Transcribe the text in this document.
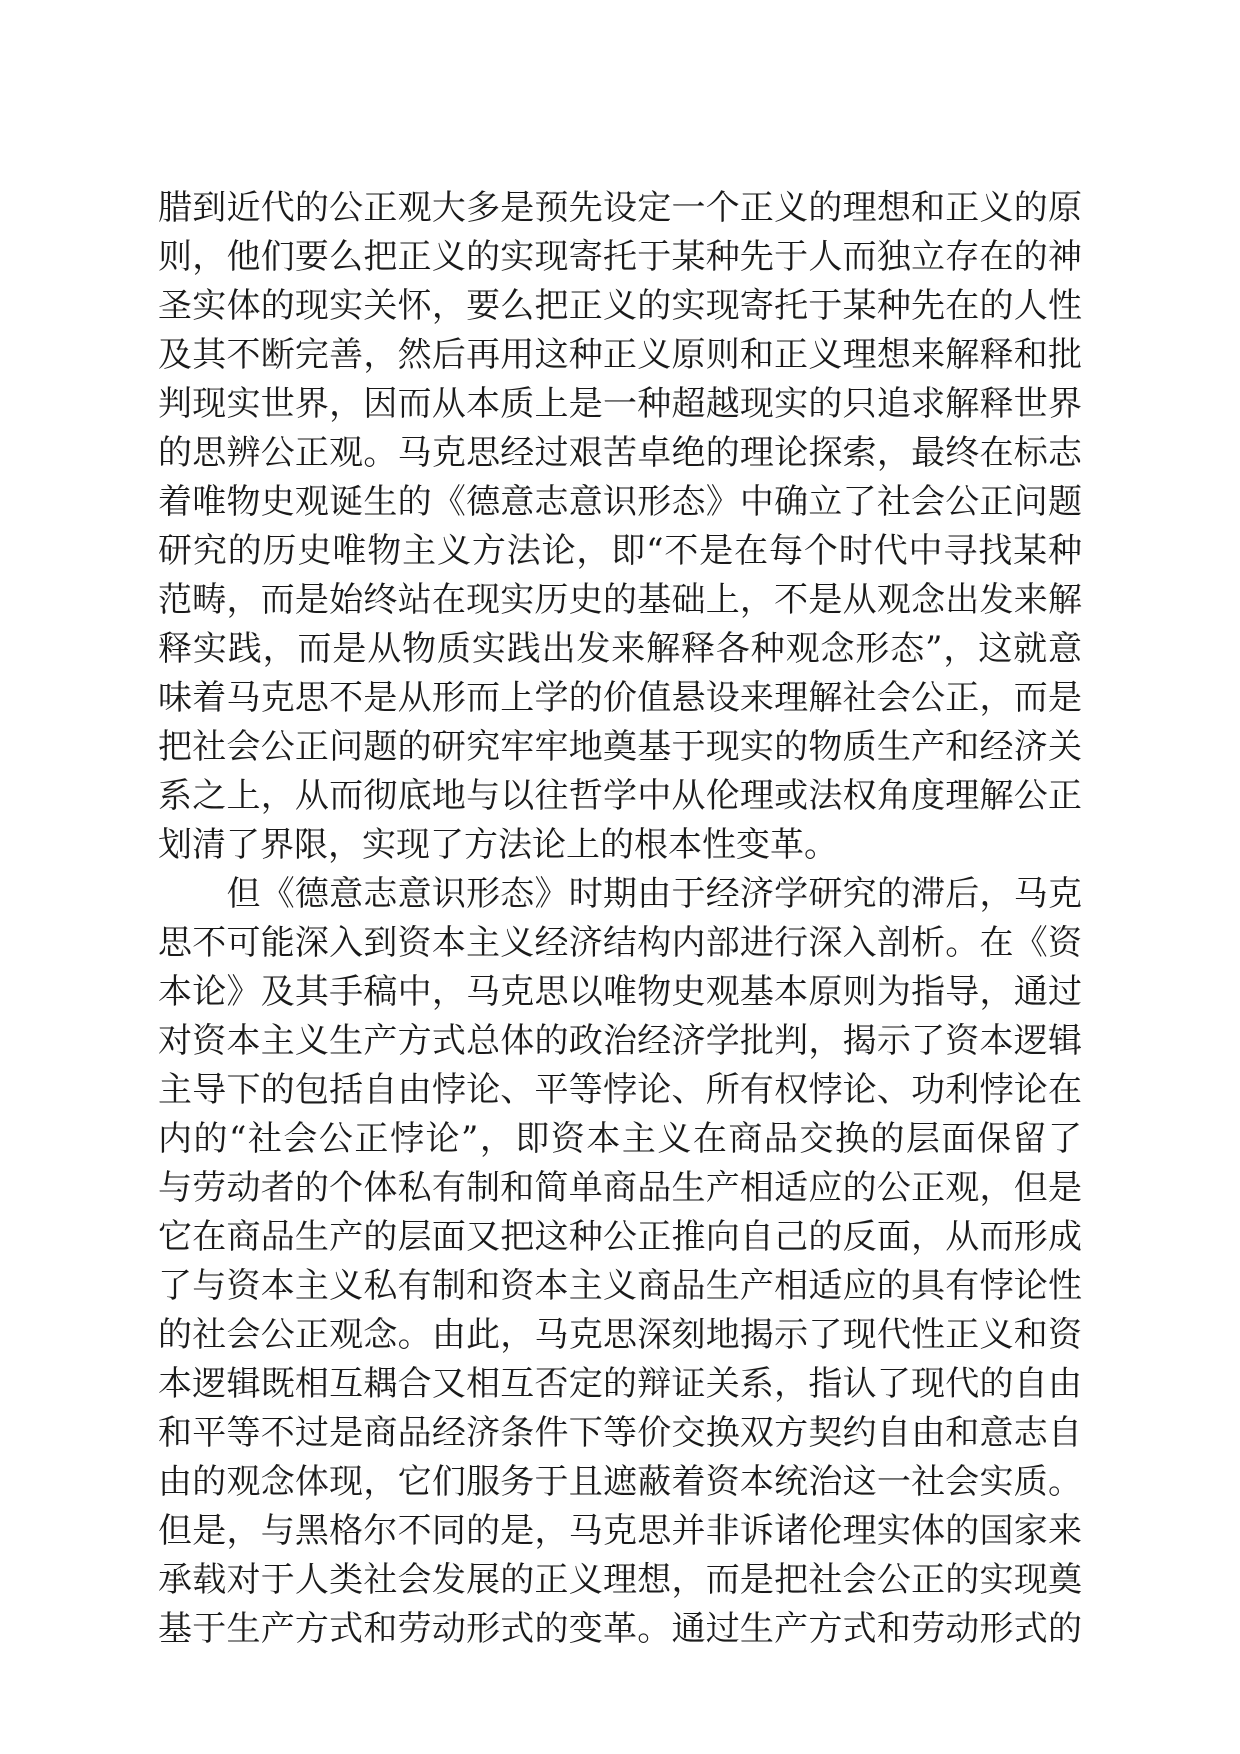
腊到近代的公正观大多是预先设定一个正义的理想和正义的原
则，他们要么把正义的实现寄托于某种先于人而独立存在的神
圣实体的现实关怀，要么把正义的实现寄托于某种先在的人性
及其不断完善，然后再用这种正义原则和正义理想来解释和批
判现实世界，因而从本质上是一种超越现实的只追求解释世界
的思辨公正观。马克思经过艰苦卓绝的理论探索，最终在标志
着唯物史观诞生的《德意志意识形态》中确立了社会公正问题
研究的历史唯物主义方法论，即“不是在每个时代中寻找某种
范畴，而是始终站在现实历史的基础上，不是从观念出发来解
释实践，而是从物质实践出发来解释各种观念形态”，这就意
味着马克思不是从形而上学的价值悬设来理解社会公正，而是
把社会公正问题的研究牢牢地奠基于现实的物质生产和经济关
系之上，从而彻底地与以往哲学中从伦理或法权角度理解公正
划清了界限，实现了方法论上的根本性变革。
　　但《德意志意识形态》时期由于经济学研究的滞后，马克
思不可能深入到资本主义经济结构内部进行深入剖析。在《资
本论》及其手稿中，马克思以唯物史观基本原则为指导，通过
对资本主义生产方式总体的政治经济学批判，揭示了资本逻辑
主导下的包括自由悖论、平等悖论、所有权悖论、功利悖论在
内的“社会公正悖论”，即资本主义在商品交换的层面保留了
与劳动者的个体私有制和简单商品生产相适应的公正观，但是
它在商品生产的层面又把这种公正推向自己的反面，从而形成
了与资本主义私有制和资本主义商品生产相适应的具有悖论性
的社会公正观念。由此，马克思深刻地揭示了现代性正义和资
本逻辑既相互耦合又相互否定的辩证关系，指认了现代的自由
和平等不过是商品经济条件下等价交换双方契约自由和意志自
由的观念体现，它们服务于且遮蔽着资本统治这一社会实质。
但是，与黑格尔不同的是，马克思并非诉诸伦理实体的国家来
承载对于人类社会发展的正义理想，而是把社会公正的实现奠
基于生产方式和劳动形式的变革。通过生产方式和劳动形式的
